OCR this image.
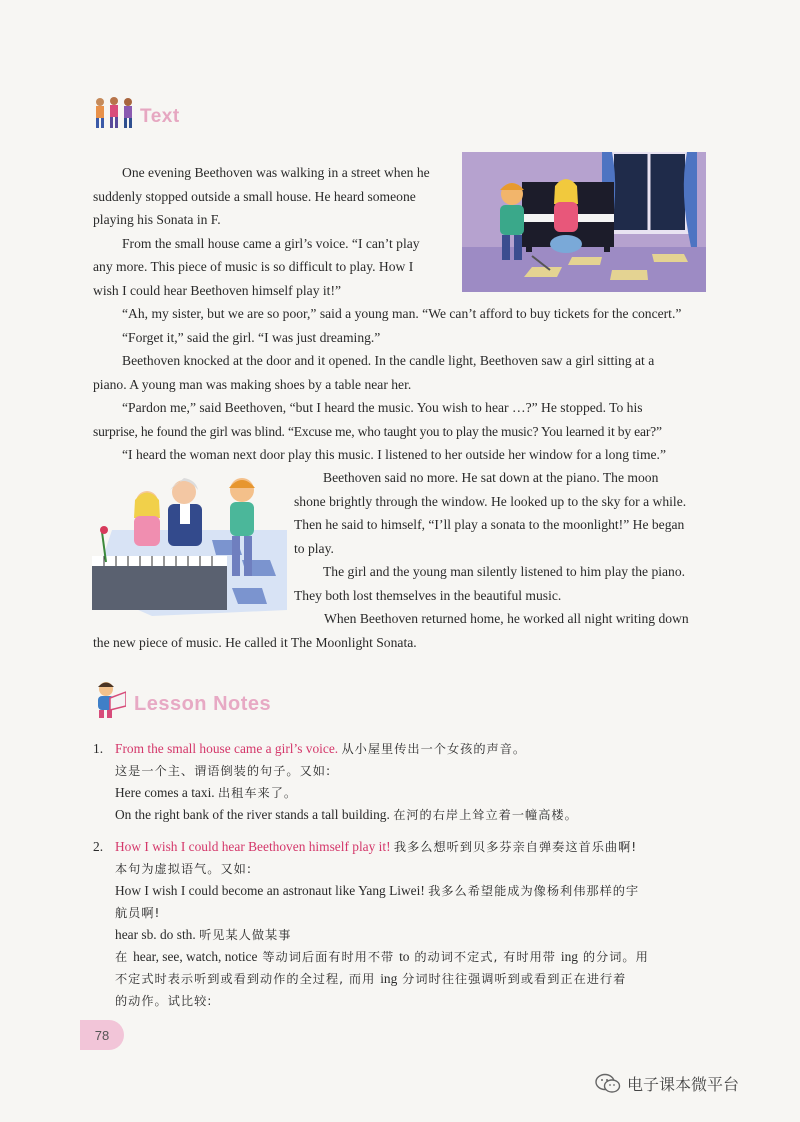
Text

One evening Beethoven was walking in a street when he

suddenly stopped outside a small house. He heard someone
playing his Sonata in F.

From the small house came a girl’s voice. “I can’t play

any more. This piece of music is so difficult to play. How I
wish I could hear Beethoven himself play it!”

“Ah, my sister, but we are so poor,” said a young man. “We can’t afford to buy tickets for the concert.”

“Forget it,” said the girl. “I was just dreaming.”

Beethoven knocked at the door and it opened. In the candle light, Beethoven saw a girl sitting at a

piano. A young man was making shoes by a table near her.

“Pardon me,” said Beethoven, “but I heard the music. You wish to hear …?” He stopped. To his

surprise, he found the girl was blind. “Excuse me, who taught you to play the music? You learned it by ear?”

“I heard the woman next door play this music. I listened to her outside her window for a long time.”

Beethoven said no more. He sat down at the piano. The moon

shone brightly through the window. He looked up to the sky for a while.
Then he said to himself, “I’ll play a sonata to the moonlight!” He began
to play.

The girl and the young man silently listened to him play the piano.

They both lost themselves in the beautiful music.

When Beethoven returned home, he worked all night writing down

the new piece of music. He called it The Moonlight Sonata.

Lesson Notes
1. From the small house came a girl’s voice. 从小屋里传出一个女孩的声音。
这是一个主、谓语倒装的句子。又如:
Here comes a taxi. 出租车来了。
On the right bank of the river stands a tall building. 在河的右岸上耸立着一幢高楼。
2. How I wish I could hear Beethoven himself play it! 我多么想听到贝多芬亲自弹奏这首乐曲啊!
本句为虚拟语气。又如:
How I wish I could become an astronaut like Yang Liwei! 我多么希望能成为像杨利伟那样的宇
航员啊!
hear sb. do sth. 听见某人做某事
在 hear, see, watch, notice 等动词后面有时用不带 to 的动词不定式, 有时用带 ing 的分词。用
不定式时表示听到或看到动作的全过程, 而用 ing 分词时往往强调听到或看到正在进行着
的动作。试比较:
78
电子课本微平台
